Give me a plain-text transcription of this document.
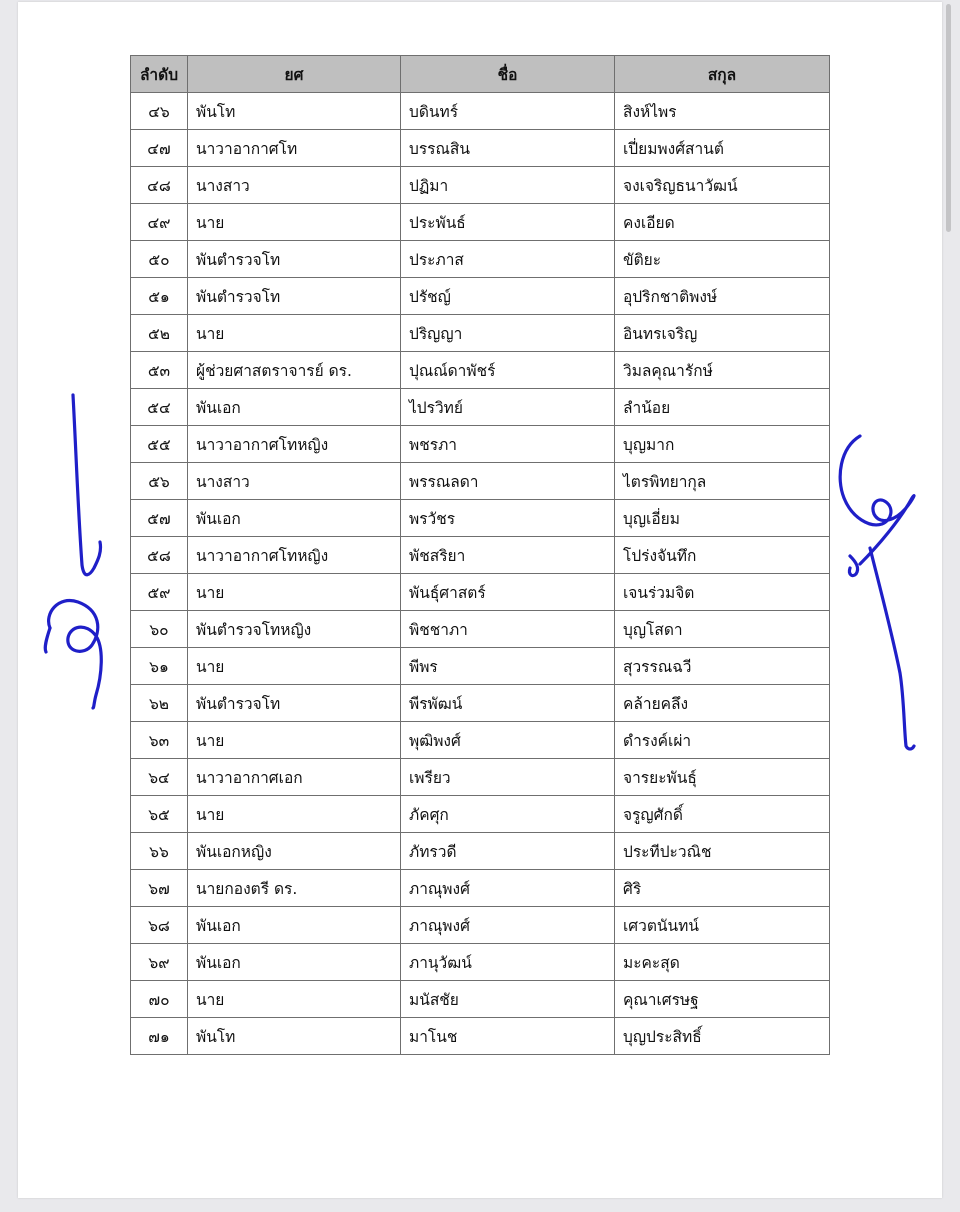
ลำดับ	ยศ	ชื่อ	สกุล
๔๖	พันโท	บดินทร์	สิงห์ไพร
๔๗	นาวาอากาศโท	บรรณสิน	เปี่ยมพงศ์สานต์
๔๘	นางสาว	ปฏิมา	จงเจริญธนาวัฒน์
๔๙	นาย	ประพันธ์	คงเอียด
๕๐	พันตำรวจโท	ประภาส	ขัติยะ
๕๑	พันตำรวจโท	ปรัชญ์	อุปริกชาติพงษ์
๕๒	นาย	ปริญญา	อินทรเจริญ
๕๓	ผู้ช่วยศาสตราจารย์ ดร.	ปุณณ์ดาพัชร์	วิมลคุณารักษ์
๕๔	พันเอก	ไปรวิทย์	ลำน้อย
๕๕	นาวาอากาศโทหญิง	พชรภา	บุญมาก
๕๖	นางสาว	พรรณลดา	ไตรพิทยากุล
๕๗	พันเอก	พรวัชร	บุญเอี่ยม
๕๘	นาวาอากาศโทหญิง	พัชสริยา	โปร่งจันทึก
๕๙	นาย	พันธุ์ศาสตร์	เจนร่วมจิต
๖๐	พันตำรวจโทหญิง	พิชชาภา	บุญโสดา
๖๑	นาย	พีพร	สุวรรณฉวี
๖๒	พันตำรวจโท	พีรพัฒน์	คล้ายคลึง
๖๓	นาย	พุฒิพงศ์	ดำรงค์เผ่า
๖๔	นาวาอากาศเอก	เพรียว	จารยะพันธุ์
๖๕	นาย	ภัคศุก	จรูญศักดิ์
๖๖	พันเอกหญิง	ภัทรวดี	ประทีปะวณิช
๖๗	นายกองตรี ดร.	ภาณุพงศ์	ศิริ
๖๘	พันเอก	ภาณุพงศ์	เศวตนันทน์
๖๙	พันเอก	ภานุวัฒน์	มะคะสุด
๗๐	นาย	มนัสชัย	คุณาเศรษฐ
๗๑	พันโท	มาโนช	บุญประสิทธิ์
